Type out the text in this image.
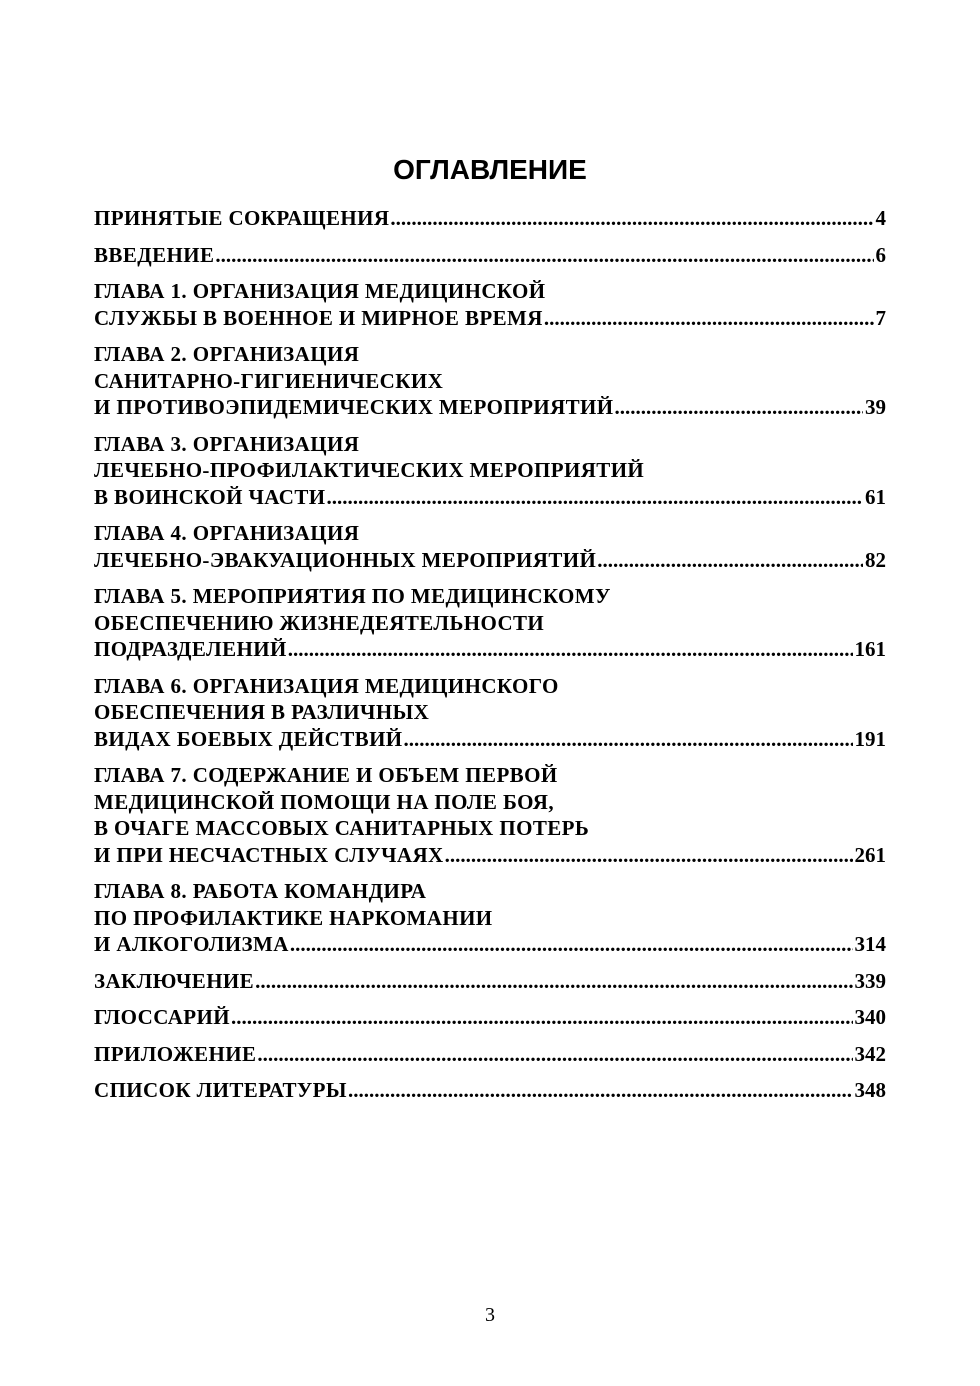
ОГЛАВЛЕНИЕ
ПРИНЯТЫЕ СОКРАЩЕНИЯ .....	4
ВВЕДЕНИЕ .....	6
ГЛАВА 1. ОРГАНИЗАЦИЯ МЕДИЦИНСКОЙ
СЛУЖБЫ В ВОЕННОЕ И МИРНОЕ ВРЕМЯ .....	7
ГЛАВА 2. ОРГАНИЗАЦИЯ
САНИТАРНО-ГИГИЕНИЧЕСКИХ
И ПРОТИВОЭПИДЕМИЧЕСКИХ МЕРОПРИЯТИЙ .....	39
ГЛАВА 3. ОРГАНИЗАЦИЯ
ЛЕЧЕБНО-ПРОФИЛАКТИЧЕСКИХ МЕРОПРИЯТИЙ
В ВОИНСКОЙ ЧАСТИ .....	61
ГЛАВА 4. ОРГАНИЗАЦИЯ
ЛЕЧЕБНО-ЭВАКУАЦИОННЫХ МЕРОПРИЯТИЙ .....	82
ГЛАВА 5. МЕРОПРИЯТИЯ ПО МЕДИЦИНСКОМУ
ОБЕСПЕЧЕНИЮ ЖИЗНЕДЕЯТЕЛЬНОСТИ
ПОДРАЗДЕЛЕНИЙ .....	161
ГЛАВА 6. ОРГАНИЗАЦИЯ МЕДИЦИНСКОГО
ОБЕСПЕЧЕНИЯ В РАЗЛИЧНЫХ
ВИДАХ БОЕВЫХ ДЕЙСТВИЙ .....	191
ГЛАВА 7. СОДЕРЖАНИЕ И ОБЪЕМ ПЕРВОЙ
МЕДИЦИНСКОЙ ПОМОЩИ НА ПОЛЕ БОЯ,
В ОЧАГЕ МАССОВЫХ САНИТАРНЫХ ПОТЕРЬ
И ПРИ НЕСЧАСТНЫХ СЛУЧАЯХ .....	261
ГЛАВА 8. РАБОТА КОМАНДИРА
ПО ПРОФИЛАКТИКЕ НАРКОМАНИИ
И АЛКОГОЛИЗМА .....	314
ЗАКЛЮЧЕНИЕ .....	339
ГЛОССАРИЙ .....	340
ПРИЛОЖЕНИЕ .....	342
СПИСОК ЛИТЕРАТУРЫ .....	348
3
